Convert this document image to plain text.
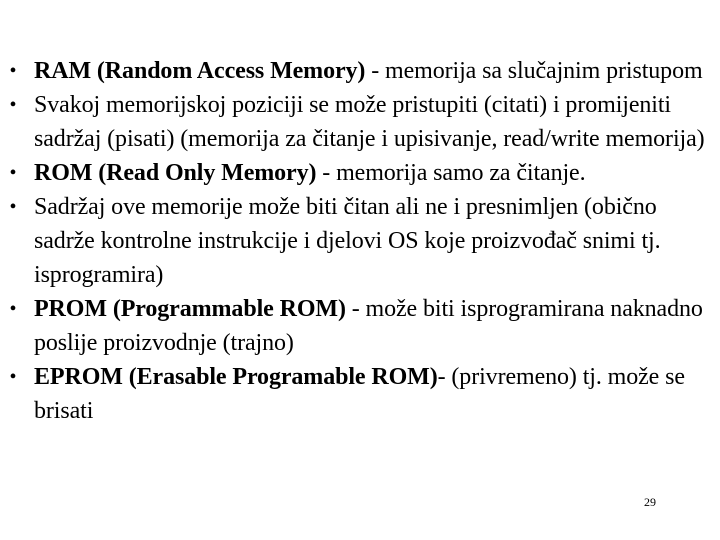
• RAM (Random Access Memory) - memorija sa slučajnim pristupom
• Svakoj memorijskoj poziciji se može pristupiti (citati) i promijeniti sadržaj (pisati) (memorija za čitanje i upisivanje, read/write memorija)
• ROM (Read Only Memory) - memorija samo za čitanje.
• Sadržaj ove memorije može biti čitan ali ne i presnimljen (obično sadrže kontrolne instrukcije i djelovi OS koje proizvođač snimi tj. isprogramira)
• PROM (Programmable ROM) - može biti isprogramirana naknadno poslije proizvodnje (trajno)
• EPROM (Erasable Programable ROM)- (privremeno) tj. može se brisati
29
